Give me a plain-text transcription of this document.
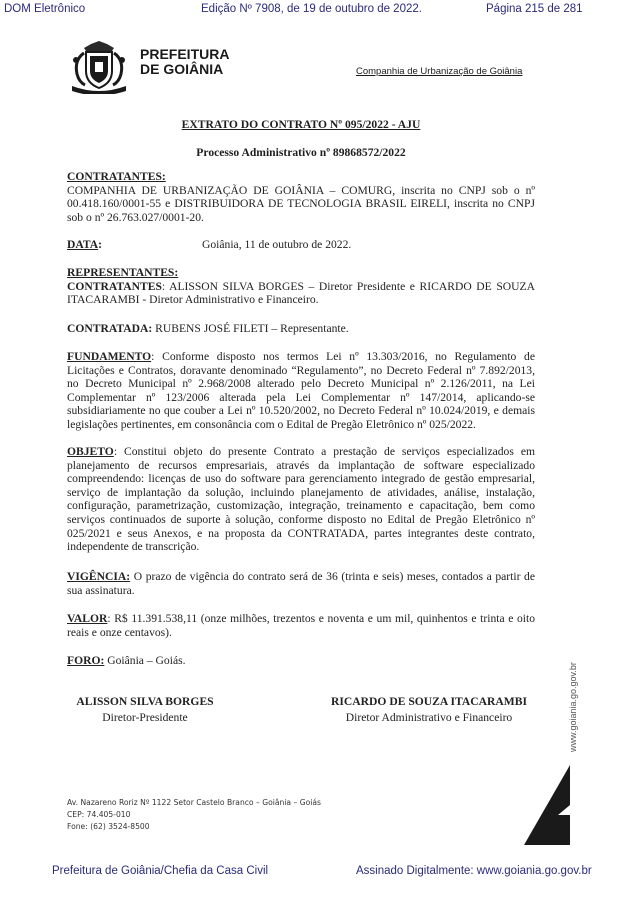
DOM Eletrônico	Edição Nº 7908, de 19 de outubro de 2022.	Página 215 de 281
PREFEITURA
DE GOIÂNIA	Companhia de Urbanização de Goiânia
EXTRATO DO CONTRATO Nº 095/2022 - AJU
Processo Administrativo nº 89868572/2022
CONTRATANTES:
COMPANHIA DE URBANIZAÇÃO DE GOIÂNIA – COMURG, inscrita no CNPJ sob o nº 00.418.160/0001-55 e DISTRIBUIDORA DE TECNOLOGIA BRASIL EIRELI, inscrita no CNPJ sob o nº 26.763.027/0001-20.
DATA:	Goiânia, 11 de outubro de 2022.
REPRESENTANTES:
CONTRATANTES: ALISSON SILVA BORGES – Diretor Presidente e RICARDO DE SOUZA ITACARAMBI - Diretor Administrativo e Financeiro.
CONTRATADA: RUBENS JOSÉ FILETI – Representante.
FUNDAMENTO: Conforme disposto nos termos Lei nº 13.303/2016, no Regulamento de Licitações e Contratos, doravante denominado “Regulamento”, no Decreto Federal nº 7.892/2013, no Decreto Municipal nº 2.968/2008 alterado pelo Decreto Municipal nº 2.126/2011, na Lei Complementar nº 123/2006 alterada pela Lei Complementar nº 147/2014, aplicando-se subsidiariamente no que couber a Lei nº 10.520/2002, no Decreto Federal nº 10.024/2019, e demais legislações pertinentes, em consonância com o Edital de Pregão Eletrônico nº 025/2022.
OBJETO: Constitui objeto do presente Contrato a prestação de serviços especializados em planejamento de recursos empresariais, através da implantação de software especializado compreendendo: licenças de uso do software para gerenciamento integrado de gestão empresarial, serviço de implantação da solução, incluindo planejamento de atividades, análise, instalação, configuração, parametrização, customização, integração, treinamento e capacitação, bem como serviços continuados de suporte à solução, conforme disposto no Edital de Pregão Eletrônico nº 025/2021 e seus Anexos, e na proposta da CONTRATADA, partes integrantes deste contrato, independente de transcrição.
VIGÊNCIA: O prazo de vigência do contrato será de 36 (trinta e seis) meses, contados a partir de sua assinatura.
VALOR: R$ 11.391.538,11 (onze milhões, trezentos e noventa e um mil, quinhentos e trinta e oito reais e onze centavos).
FORO: Goiânia – Goiás.
ALISSON SILVA BORGES
Diretor-Presidente
RICARDO DE SOUZA ITACARAMBI
Diretor Administrativo e Financeiro	www.goiania.go.gov.br
Av. Nazareno Roriz Nº 1122 Setor Castelo Branco – Goiânia – Goiás
CEP: 74.405-010
Fone: (62) 3524-8500
Prefeitura de Goiânia/Chefia da Casa Civil	Assinado Digitalmente: www.goiania.go.gov.br
